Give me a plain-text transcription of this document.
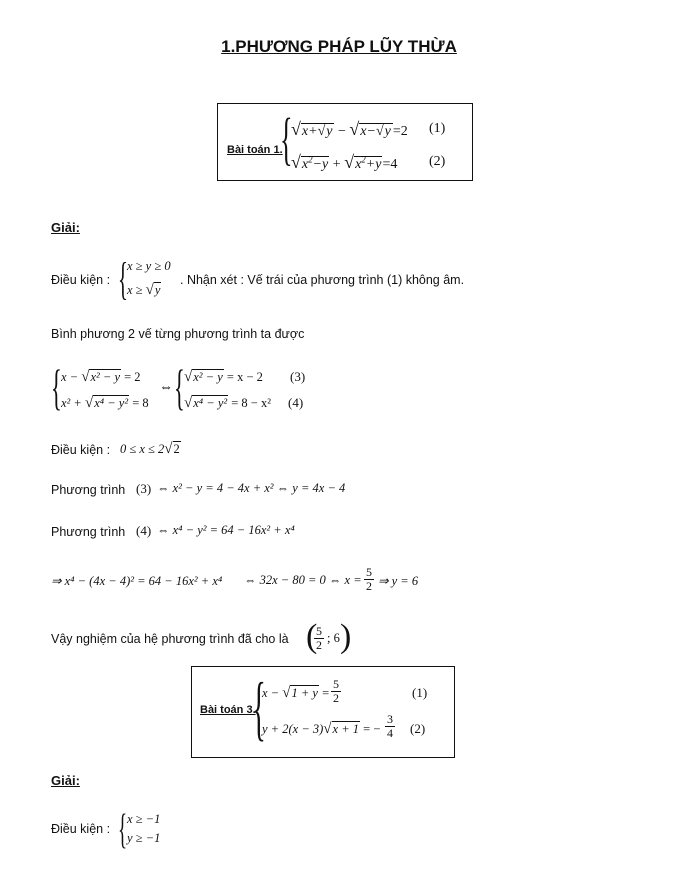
1.PHƯƠNG PHÁP LŨY THỪA
Bài toán 1.
{
√x+√y − √x−√y =2 (1)
$√x^2-y + √x^2+y=4$ (2)
Giải:
Điều kiện : { x ≥ y ≥ 0
x ≥ √y
. Nhận xét : Vế trái của phương trình (1) không âm.
Bình phương 2 vế từng phương trình ta được
{ x − √x² − y = 2
x² + √x⁴ − y² = 8
⇔ { √x² − y = x − 2 (3)
√x⁴ − y² = 8 − x² (4)
Điều kiện : 0 ≤ x ≤ 2√2
Phương trình (3) ⇔ x² − y = 4 − 4x + x² ⇔ y = 4x − 4
Phương trình (4) ⇔ x⁴ − y² = 64 − 16x² + x⁴
⇒ x⁴ − (4x − 4)² = 64 − 16x² + x⁴ ⇔ 32x − 80 = 0 ⇔ $x = \frac{5}{2}$ ⇒ y = 6
Vậy nghiệm của hệ phương trình đã cho là (
$\frac{5}{2}$ ; 6 )
Bài toán 3.
{
$x - √1 + y = \frac{5}{2}$	(1)
y + 2(x − 3)√x + 1 = − $\frac{3}{4} (2)$
Giải:
Điều kiện : { x ≥ −1
y ≥ −1
